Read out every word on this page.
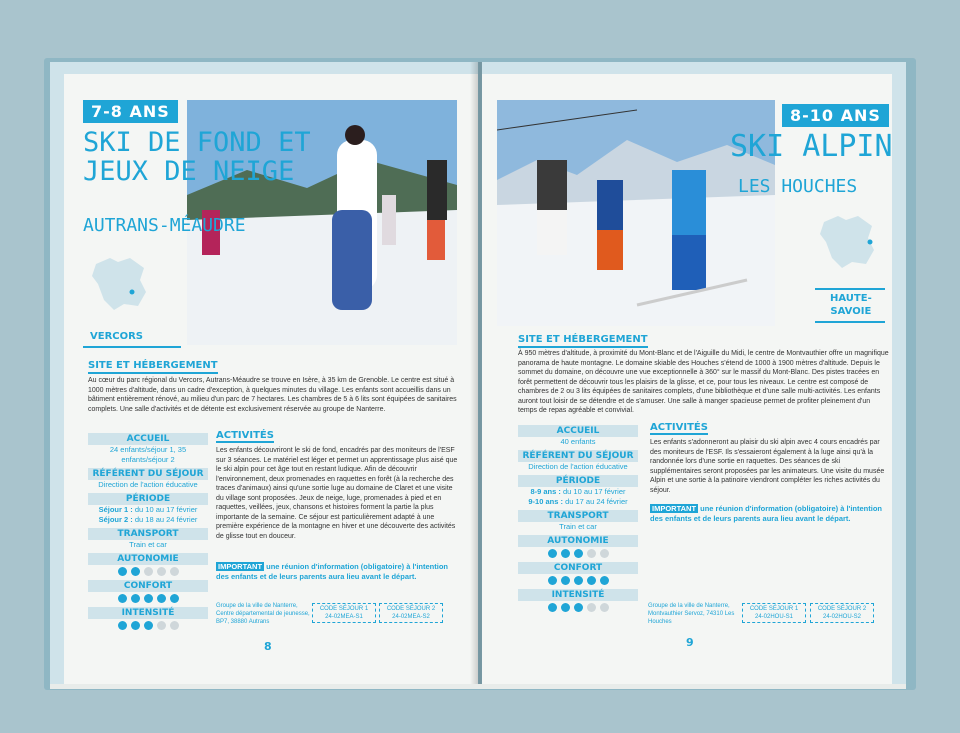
7-8 ANS
SKI DE FOND ET
JEUX DE NEIGE
AUTRANS-MÉAUDRE
VERCORS
SITE ET HÉBERGEMENT

Au cœur du parc régional du Vercors, Autrans-Méaudre se trouve en Isère, à 35 km de Grenoble. Le centre est situé à 1000 mètres d'altitude, dans un cadre d'exception, à quelques minutes du village. Les enfants sont accueillis dans un bâtiment entièrement rénové, au milieu d'un parc de 7 hectares. Les chambres de 5 à 6 lits sont équipées de sanitaires complets. Une salle d'activités et de détente est exclusivement réservée au groupe de Nanterre.

ACCUEIL
24 enfants/séjour 1, 35 enfants/séjour 2
RÉFÉRENT DU SÉJOUR
Direction de l'action éducative
PÉRIODE
Séjour 1 : du 10 au 17 février
Séjour 2 : du 18 au 24 février
TRANSPORT
Train et car
AUTONOMIE
CONFORT
INTENSITÉ
ACTIVITÉS

Les enfants découvriront le ski de fond, encadrés par des moniteurs de l'ESF sur 3 séances. Le matériel est léger et permet un apprentissage plus aisé que le ski alpin pour cet âge tout en restant ludique. Afin de découvrir l'environnement, deux promenades en raquettes en forêt (à la recherche des traces d'animaux) ainsi qu'une sortie luge au domaine de Claret et une visite du village sont proposées. Jeux de neige, luge, promenades à pied et en raquettes, veillées, jeux, chansons et histoires forment la partie la plus importante de la semaine. Ce séjour est particulièrement adapté à une première expérience de la montagne en hiver et une découverte des activités de glisse tout en douceur.

IMPORTANT une réunion d'information (obligatoire) à l'intention des enfants et de leurs parents aura lieu avant le départ.

Groupe de la ville de Nanterre, Centre départemental de jeunesse, BP7, 38880 Autrans
CODE SÉJOUR 1
24-02MEA-S1
CODE SÉJOUR 2
24-02MEA-S2
8
8-10 ANS
SKI ALPIN
LES HOUCHES
HAUTE-
SAVOIE
SITE ET HÉBERGEMENT

À 950 mètres d'altitude, à proximité du Mont-Blanc et de l'Aiguille du Midi, le centre de Montvauthier offre un magnifique panorama de haute montagne. Le domaine skiable des Houches s'étend de 1000 à 1900 mètres d'altitude. Depuis le sommet du domaine, on découvre une vue exceptionnelle à 360° sur le massif du Mont-Blanc. Des pistes tracées en forêt permettent de découvrir tous les plaisirs de la glisse, et ce, pour tous les niveaux. Le centre est composé de chambres de 2 ou 3 lits équipées de sanitaires complets, d'une bibliothèque et d'une salle multi-activités. Les enfants auront tout loisir de se détendre et de s'amuser. Une salle à manger spacieuse permet de profiter pleinement d'un temps de repas agréable et convivial.

ACCUEIL
40 enfants
RÉFÉRENT DU SÉJOUR
Direction de l'action éducative
PÉRIODE
8-9 ans : du 10 au 17 février
9-10 ans : du 17 au 24 février
TRANSPORT
Train et car
AUTONOMIE
CONFORT
INTENSITÉ
ACTIVITÉS

Les enfants s'adonneront au plaisir du ski alpin avec 4 cours encadrés par des moniteurs de l'ESF. Ils s'essaieront également à la luge ainsi qu'à la randonnée lors d'une sortie en raquettes. Des séances de ski supplémentaires seront proposées par les animateurs. Une visite du musée Alpin et une sortie à la patinoire viendront compléter les riches activités du séjour.

IMPORTANT une réunion d'information (obligatoire) à l'intention des enfants et de leurs parents aura lieu avant le départ.

Groupe de la ville de Nanterre, Montvauthier Servoz, 74310 Les Houches
CODE SÉJOUR 1
24-02HOU-S1
CODE SÉJOUR 2
24-02HOU-S2
9
